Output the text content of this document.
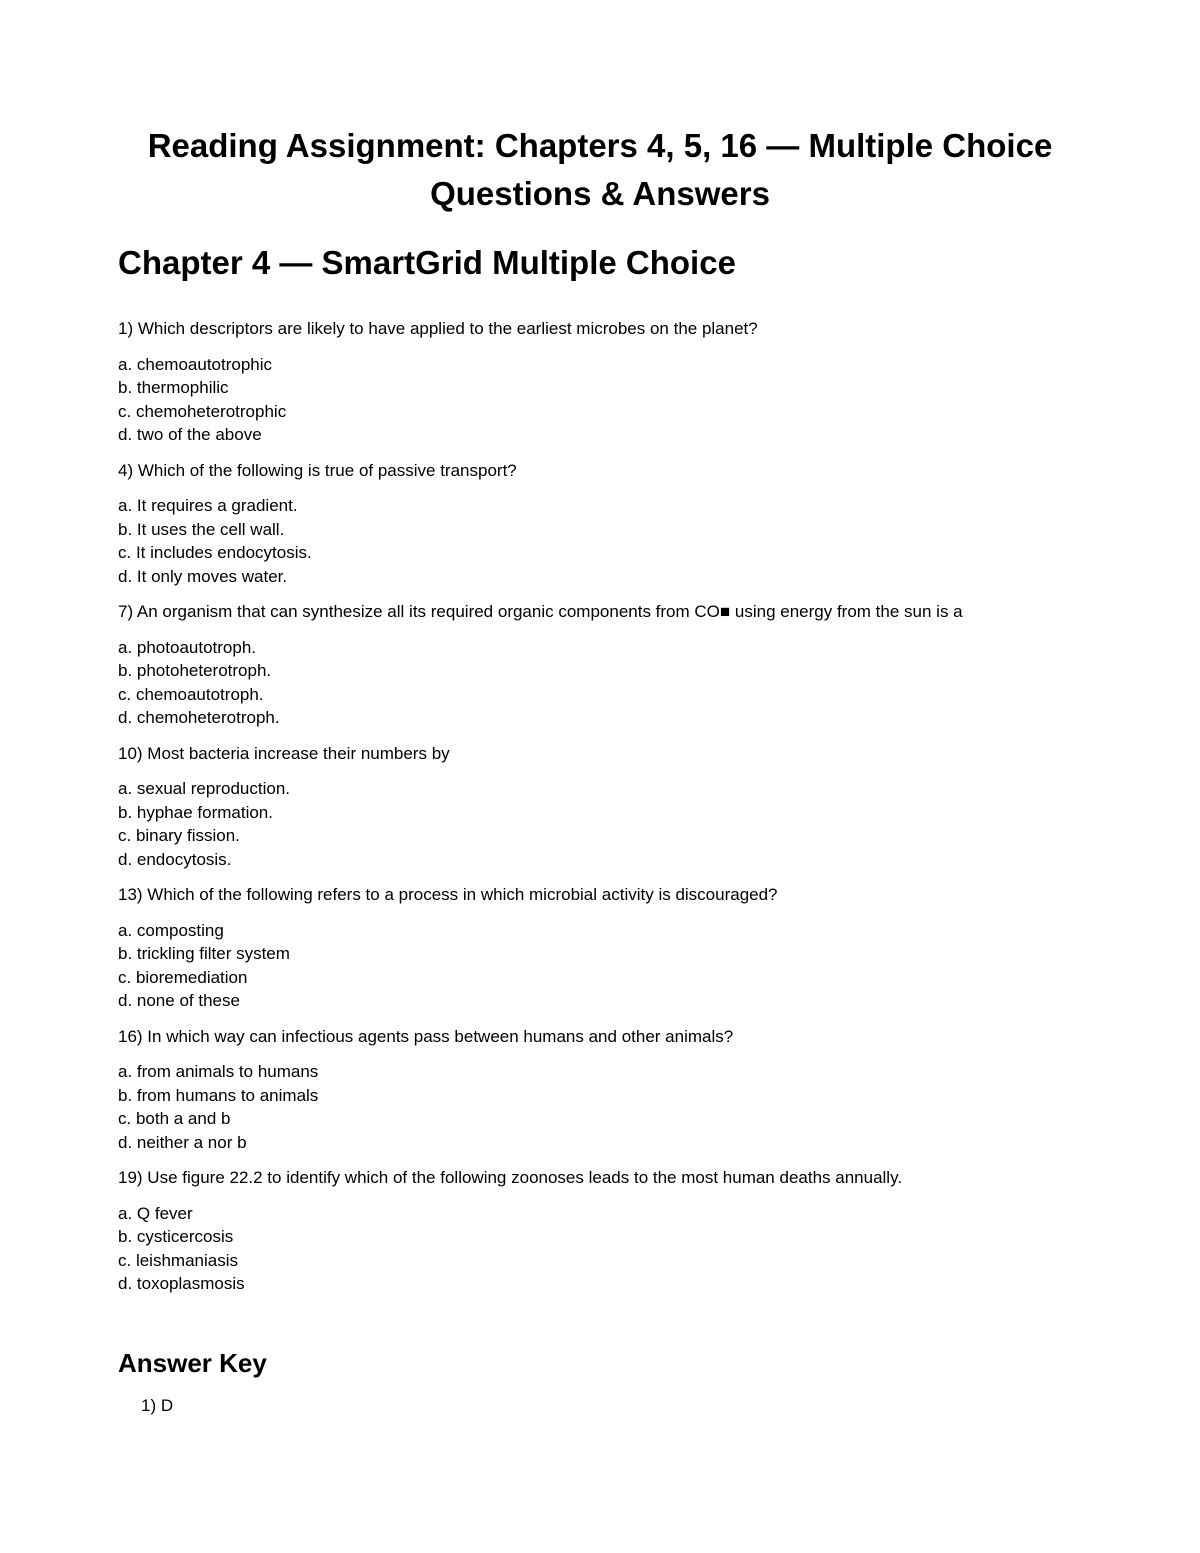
Reading Assignment: Chapters 4, 5, 16 — Multiple Choice Questions & Answers
Chapter 4 — SmartGrid Multiple Choice

1) Which descriptors are likely to have applied to the earliest microbes on the planet?

a. chemoautotrophic
b. thermophilic
c. chemoheterotrophic
d. two of the above

4) Which of the following is true of passive transport?

a. It requires a gradient.
b. It uses the cell wall.
c. It includes endocytosis.
d. It only moves water.

7) An organism that can synthesize all its required organic components from CO■ using energy from the sun is a

a. photoautotroph.
b. photoheterotroph.
c. chemoautotroph.
d. chemoheterotroph.

10) Most bacteria increase their numbers by

a. sexual reproduction.
b. hyphae formation.
c. binary fission.
d. endocytosis.

13) Which of the following refers to a process in which microbial activity is discouraged?

a. composting
b. trickling filter system
c. bioremediation
d. none of these

16) In which way can infectious agents pass between humans and other animals?

a. from animals to humans
b. from humans to animals
c. both a and b
d. neither a nor b

19) Use figure 22.2 to identify which of the following zoonoses leads to the most human deaths annually.

a. Q fever
b. cysticercosis
c. leishmaniasis
d. toxoplasmosis
Answer Key
1) D
